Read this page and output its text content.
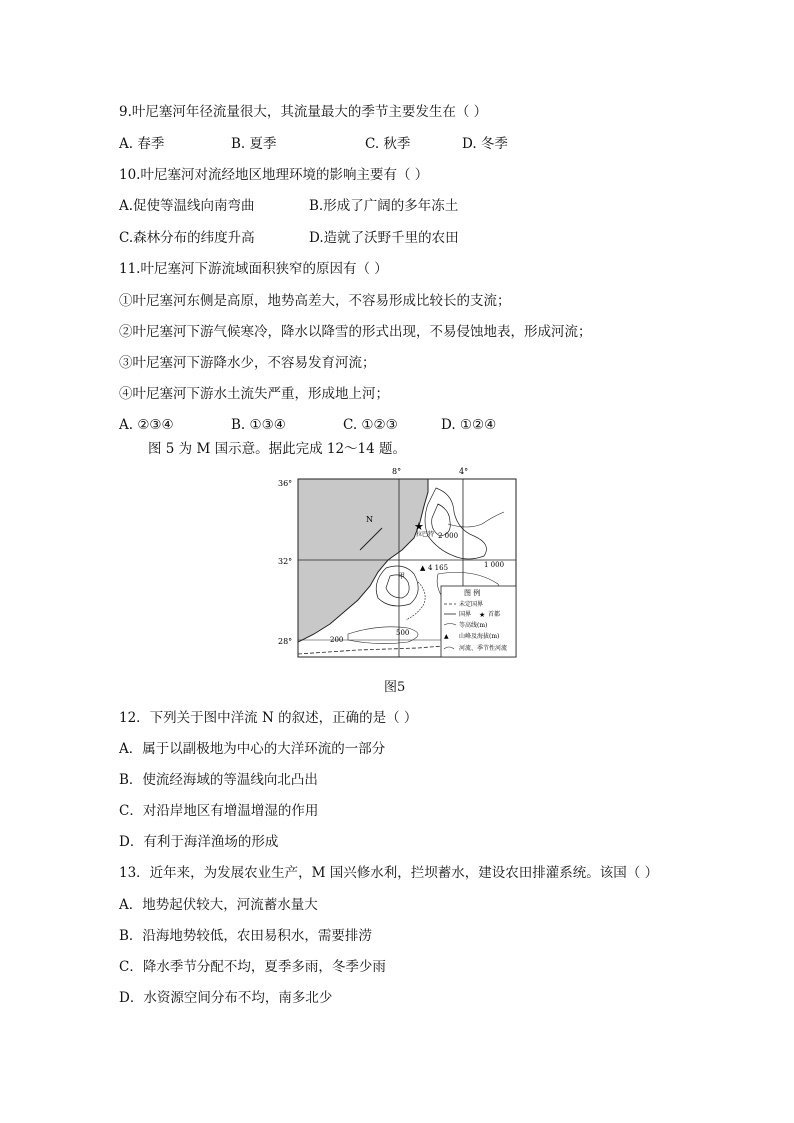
9.叶尼塞河年径流量很大，其流量最大的季节主要发生在（ ）
A. 春季	B. 夏季	C. 秋季	D. 冬季
10.叶尼塞河对流经地区地理环境的影响主要有（ ）
A.促使等温线向南弯曲	B.形成了广阔的多年冻土
C.森林分布的纬度升高	D.造就了沃野千里的农田
11.叶尼塞河下游流域面积狭窄的原因有（ ）
①叶尼塞河东侧是高原，地势高差大，不容易形成比较长的支流；
②叶尼塞河下游气候寒冷，降水以降雪的形式出现，不易侵蚀地表，形成河流；
③叶尼塞河下游降水少，不容易发育河流；
④叶尼塞河下游水土流失严重，形成地上河；
A. ②③④	B. ①③④	C. ①②③	D. ①②④
图 5 为 M 国示意。据此完成 12～14 题。
8°	4°
36°
32°
28°
N
★
拉巴特 2 000
1 000
500
200
▲ 4 165
甲
图 例
未定国界
国界 ★ 首都
等高线(m)
▲ 山峰及海拔(m)
河流、季节性河流
图5
12．下列关于图中洋流 N 的叙述，正确的是（ ）
A．属于以副极地为中心的大洋环流的一部分
B．使流经海域的等温线向北凸出
C．对沿岸地区有增温增湿的作用
D．有利于海洋渔场的形成
13．近年来，为发展农业生产，M 国兴修水利，拦坝蓄水，建设农田排灌系统。该国（ ）
A．地势起伏较大，河流蓄水量大
B．沿海地势较低，农田易积水，需要排涝
C．降水季节分配不均，夏季多雨，冬季少雨
D．水资源空间分布不均，南多北少
